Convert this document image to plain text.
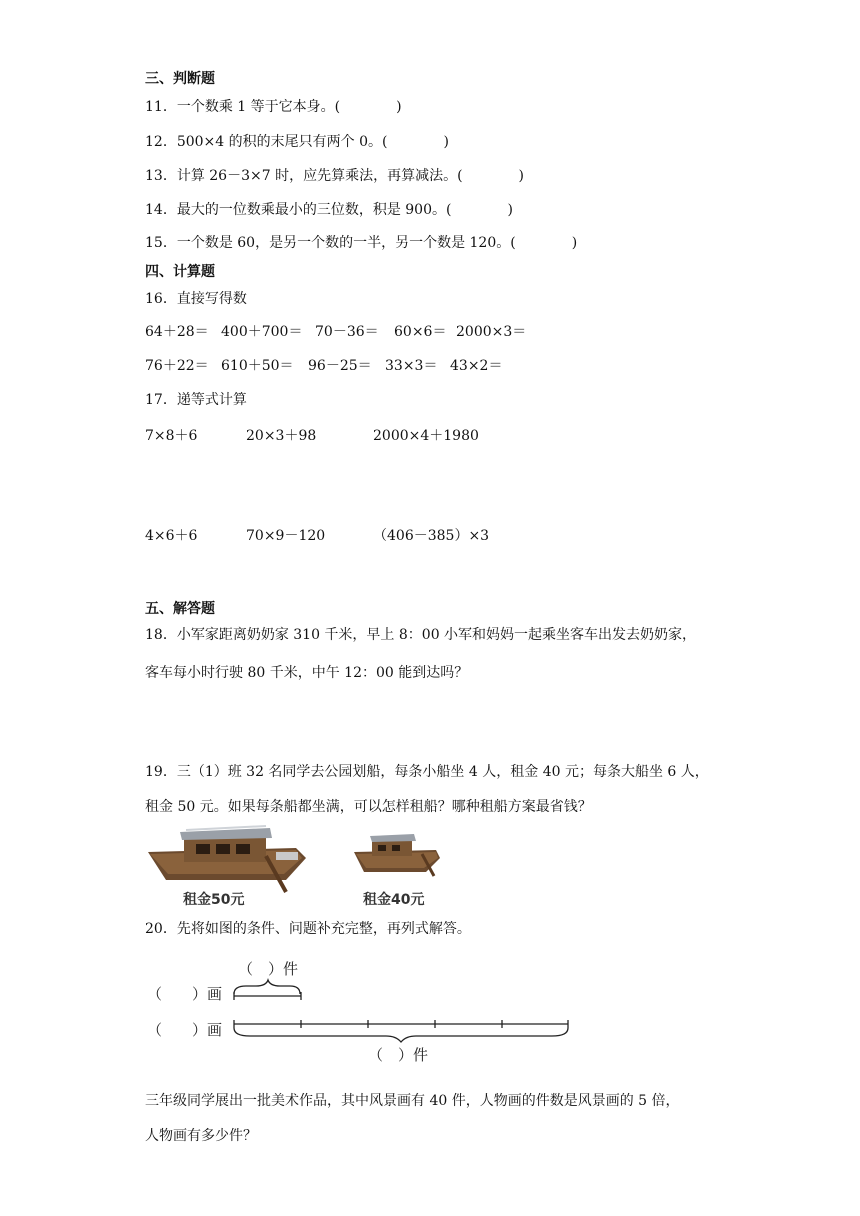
三、判断题
11．一个数乘 1 等于它本身。(　　　　)
12．500×4 的积的末尾只有两个 0。(　　　　)
13．计算 26－3×7 时，应先算乘法，再算减法。(　　　　)
14．最大的一位数乘最小的三位数，积是 900。(　　　　)
15．一个数是 60，是另一个数的一半，另一个数是 120。(　　　　)
四、计算题
16．直接写得数
64＋28＝ 400＋700＝ 70－36＝ 60×6＝ 2000×3＝
76＋22＝ 610＋50＝ 96－25＝ 33×3＝ 43×2＝
17．递等式计算
7×8＋6	20×3＋98	2000×4＋1980
4×6＋6	70×9－120	（406－385）×3
五、解答题
18．小军家距离奶奶家 310 千米，早上 8：00 小军和妈妈一起乘坐客车出发去奶奶家，
客车每小时行驶 80 千米，中午 12：00 能到达吗？
19．三（1）班 32 名同学去公园划船，每条小船坐 4 人，租金 40 元；每条大船坐 6 人，
租金 50 元。如果每条船都坐满，可以怎样租船？哪种租船方案最省钱？
租金50元	租金40元
20．先将如图的条件、问题补充完整，再列式解答。
（　）件
（　　）画
（　　）画
（　）件
三年级同学展出一批美术作品，其中风景画有 40 件，人物画的件数是风景画的 5 倍，
人物画有多少件？
